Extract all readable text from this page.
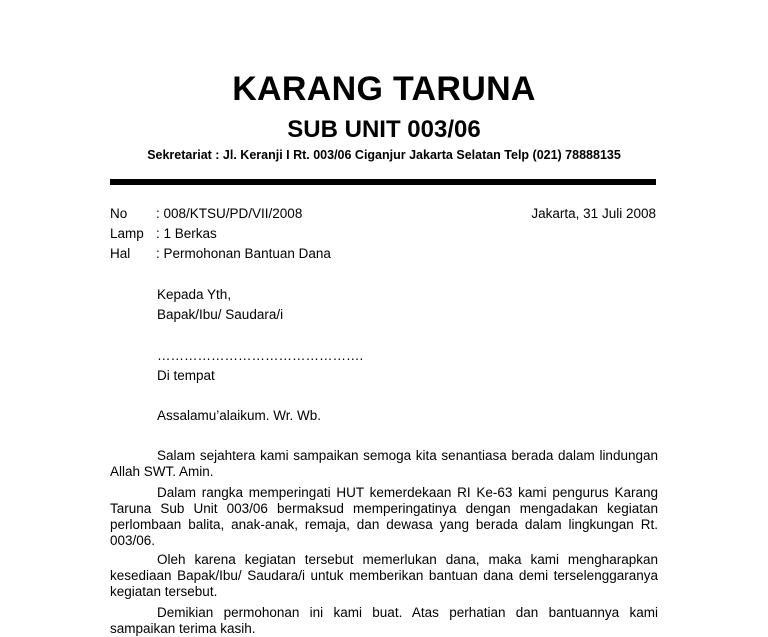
KARANG TARUNA
SUB UNIT 003/06
Sekretariat : Jl. Keranji I Rt. 003/06 Ciganjur Jakarta Selatan Telp (021) 78888135
No : 008/KTSU/PD/VII/2008
Lamp : 1 Berkas
Hal : Permohonan Bantuan Dana
Jakarta, 31 Juli 2008
Kepada Yth,
Bapak/Ibu/ Saudara/i
……………………………………….
Di tempat
Assalamu’alaikum. Wr. Wb.
Salam sejahtera kami sampaikan semoga kita senantiasa berada dalam lindungan Allah SWT. Amin.
Dalam rangka memperingati HUT kemerdekaan RI Ke-63 kami pengurus Karang Taruna Sub Unit 003/06 bermaksud memperingatinya dengan mengadakan kegiatan perlombaan balita, anak-anak, remaja, dan dewasa yang berada dalam lingkungan Rt. 003/06.
Oleh karena kegiatan tersebut memerlukan dana, maka kami mengharapkan kesediaan Bapak/Ibu/ Saudara/i untuk memberikan bantuan dana demi terselenggaranya kegiatan tersebut.
Demikian permohonan ini kami buat. Atas perhatian dan bantuannya kami sampaikan terima kasih.
